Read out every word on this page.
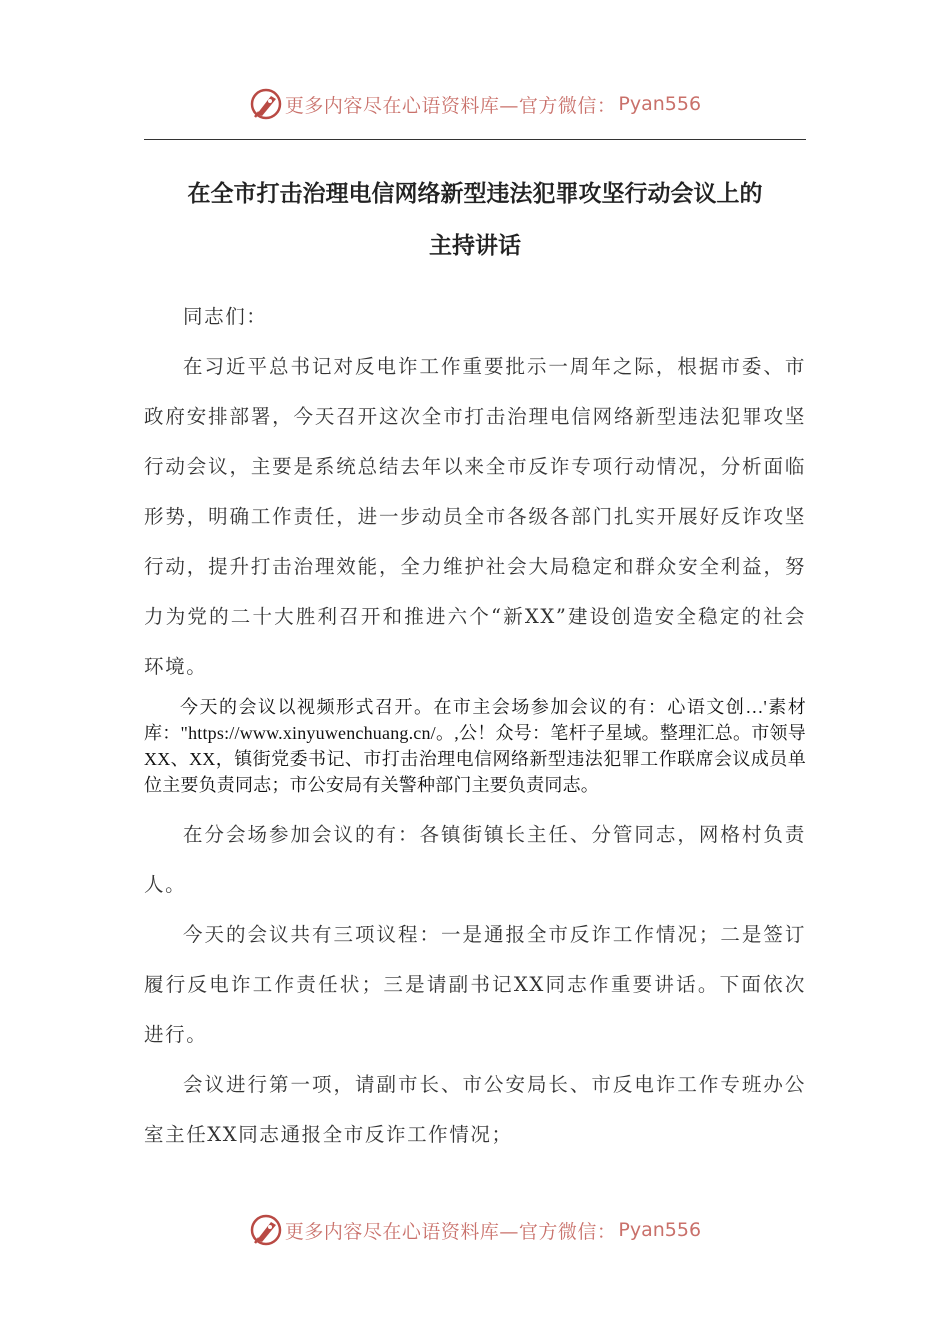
更多内容尽在心语资料库—官方微信： Pyan556
在全市打击治理电信网络新型违法犯罪攻坚行动会议上的
主持讲话

同志们：

在习近平总书记对反电诈工作重要批示一周年之际，根据市委、市政府安排部署，今天召开这次全市打击治理电信网络新型违法犯罪攻坚行动会议，主要是系统总结去年以来全市反诈专项行动情况，分析面临形势，明确工作责任，进一步动员全市各级各部门扎实开展好反诈攻坚行动，提升打击治理效能，全力维护社会大局稳定和群众安全利益，努力为党的二十大胜利召开和推进六个“新XX”建设创造安全稳定的社会环境。

今天的会议以视频形式召开。在市主会场参加会议的有：心语文创…'素材库："https://www.xinyuwenchuang.cn/。,公！众号：笔杆子星域。整理汇总。市领导XX、XX，镇街党委书记、市打击治理电信网络新型违法犯罪工作联席会议成员单位主要负责同志；市公安局有关警种部门主要负责同志。

在分会场参加会议的有：各镇街镇长主任、分管同志，网格村负责人。

今天的会议共有三项议程：一是通报全市反诈工作情况；二是签订履行反电诈工作责任状；三是请副书记XX同志作重要讲话。下面依次进行。

会议进行第一项，请副市长、市公安局长、市反电诈工作专班办公室主任XX同志通报全市反诈工作情况；

更多内容尽在心语资料库—官方微信： Pyan556
